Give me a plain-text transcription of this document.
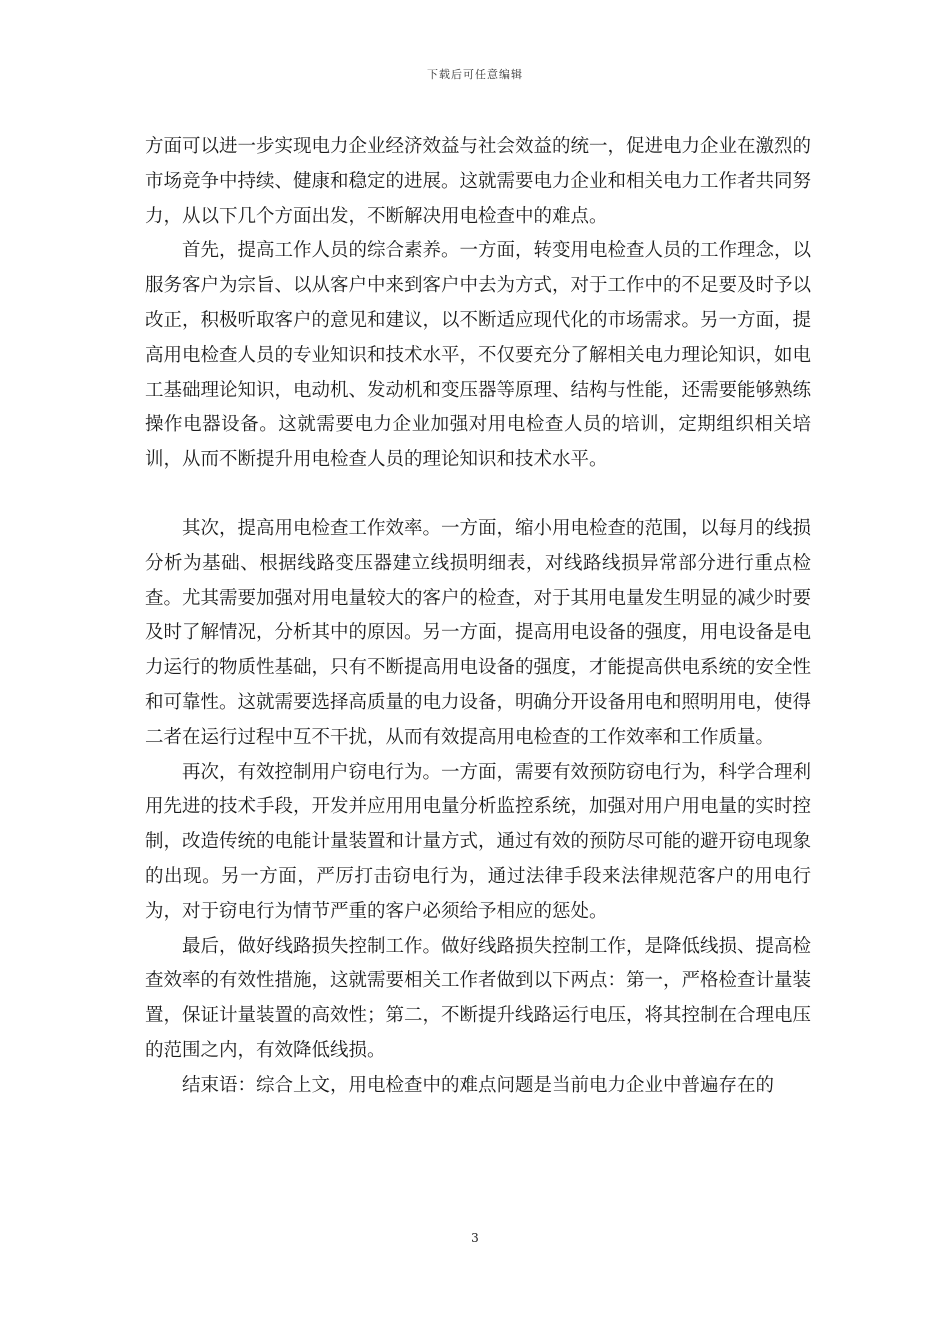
下载后可任意编辑

方面可以进一步实现电力企业经济效益与社会效益的统一，促进电力企业在激烈的市场竞争中持续、健康和稳定的进展。这就需要电力企业和相关电力工作者共同努力，从以下几个方面出发，不断解决用电检查中的难点。

首先，提高工作人员的综合素养。一方面，转变用电检查人员的工作理念，以服务客户为宗旨、以从客户中来到客户中去为方式，对于工作中的不足要及时予以改正，积极听取客户的意见和建议，以不断适应现代化的市场需求。另一方面，提高用电检查人员的专业知识和技术水平，不仅要充分了解相关电力理论知识，如电工基础理论知识，电动机、发动机和变压器等原理、结构与性能，还需要能够熟练操作电器设备。这就需要电力企业加强对用电检查人员的培训，定期组织相关培训，从而不断提升用电检查人员的理论知识和技术水平。

其次，提高用电检查工作效率。一方面，缩小用电检查的范围，以每月的线损分析为基础、根据线路变压器建立线损明细表，对线路线损异常部分进行重点检查。尤其需要加强对用电量较大的客户的检查，对于其用电量发生明显的减少时要及时了解情况，分析其中的原因。另一方面，提高用电设备的强度，用电设备是电力运行的物质性基础，只有不断提高用电设备的强度，才能提高供电系统的安全性和可靠性。这就需要选择高质量的电力设备，明确分开设备用电和照明用电，使得二者在运行过程中互不干扰，从而有效提高用电检查的工作效率和工作质量。

再次，有效控制用户窃电行为。一方面，需要有效预防窃电行为，科学合理利用先进的技术手段，开发并应用用电量分析监控系统，加强对用户用电量的实时控制，改造传统的电能计量装置和计量方式，通过有效的预防尽可能的避开窃电现象的出现。另一方面，严厉打击窃电行为，通过法律手段来法律规范客户的用电行为，对于窃电行为情节严重的客户必须给予相应的惩处。

最后，做好线路损失控制工作。做好线路损失控制工作，是降低线损、提高检查效率的有效性措施，这就需要相关工作者做到以下两点：第一，严格检查计量装置，保证计量装置的高效性；第二，不断提升线路运行电压，将其控制在合理电压的范围之内，有效降低线损。

结束语：综合上文，用电检查中的难点问题是当前电力企业中普遍存在的

3
